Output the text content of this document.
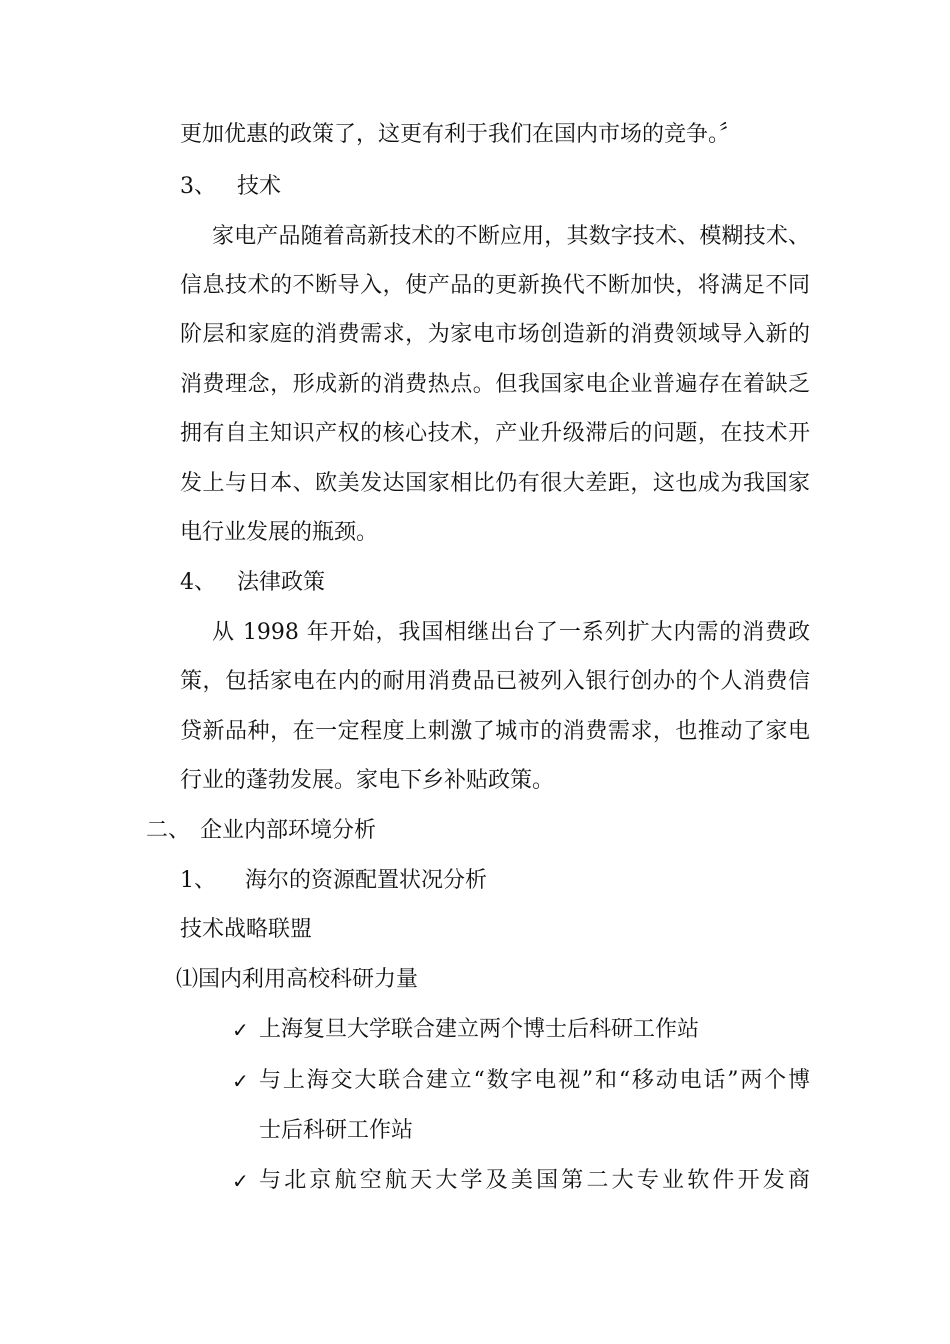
更加优惠的政策了，这更有利于我们在国内市场的竞争。〞
3、 技术
家电产品随着高新技术的不断应用，其数字技术、模糊技术、
信息技术的不断导入，使产品的更新换代不断加快，将满足不同
阶层和家庭的消费需求，为家电市场创造新的消费领域导入新的
消费理念，形成新的消费热点。但我国家电企业普遍存在着缺乏
拥有自主知识产权的核心技术，产业升级滞后的问题，在技术开
发上与日本、欧美发达国家相比仍有很大差距，这也成为我国家
电行业发展的瓶颈。
4、 法律政策
从 1998 年开始，我国相继出台了一系列扩大内需的消费政
策，包括家电在内的耐用消费品已被列入银行创办的个人消费信
贷新品种，在一定程度上刺激了城市的消费需求，也推动了家电
行业的蓬勃发展。家电下乡补贴政策。
二、 企业内部环境分析
1、 海尔的资源配置状况分析
技术战略联盟
⑴国内利用高校科研力量
✓ 上海复旦大学联合建立两个博士后科研工作站
✓ 与上海交大联合建立“数字电视”和“移动电话”两个博
士后科研工作站
✓ 与北京航空航天大学及美国第二大专业软件开发商
